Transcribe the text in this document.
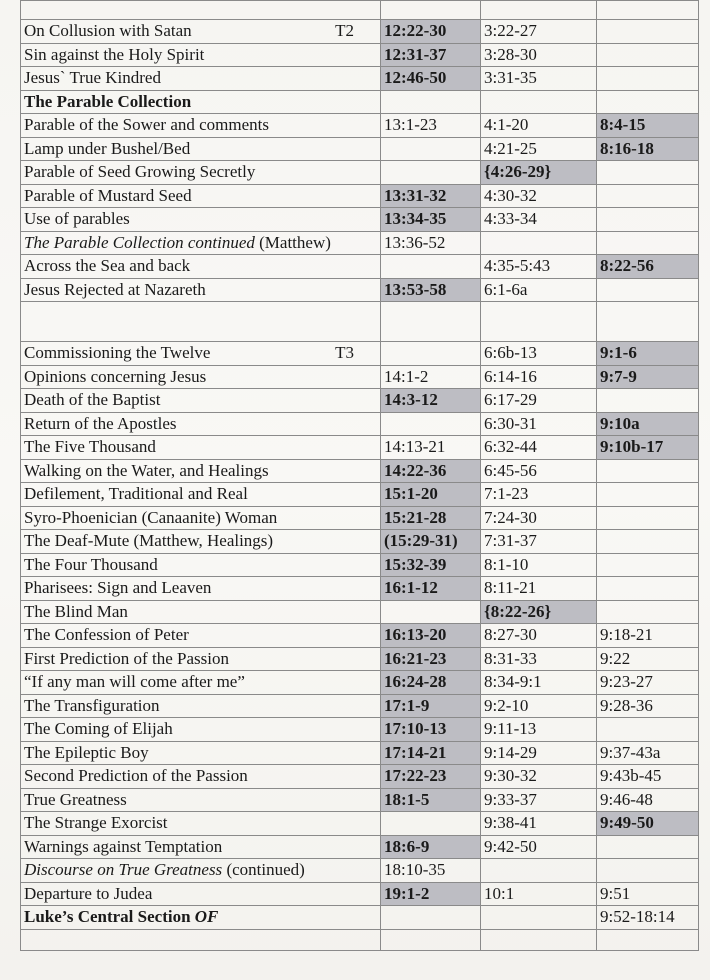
T2
On Collusion with Satan	12:22-30	3:22-27	
Sin against the Holy Spirit	12:31-37	3:28-30	
Jesus` True Kindred	12:46-50	3:31-35	
The Parable Collection			
Parable of the Sower and comments	13:1-23	4:1-20	8:4-15
Lamp under Bushel/Bed		4:21-25	8:16-18
Parable of Seed Growing Secretly		{4:26-29}	
Parable of Mustard Seed	13:31-32	4:30-32	
Use of parables	13:34-35	4:33-34	
The Parable Collection continued (Matthew)	13:36-52		
Across the Sea and back		4:35-5:43	8:22-56
Jesus Rejected at Nazareth	13:53-58	6:1-6a	

T3
Commissioning the Twelve		6:6b-13	9:1-6
Opinions concerning Jesus	14:1-2	6:14-16	9:7-9
Death of the Baptist	14:3-12	6:17-29	
Return of the Apostles		6:30-31	9:10a
The Five Thousand	14:13-21	6:32-44	9:10b-17
Walking on the Water, and Healings	14:22-36	6:45-56	
Defilement, Traditional and Real	15:1-20	7:1-23	
Syro-Phoenician (Canaanite) Woman	15:21-28	7:24-30	
The Deaf-Mute (Matthew, Healings)	(15:29-31)	7:31-37	
The Four Thousand	15:32-39	8:1-10	
Pharisees: Sign and Leaven	16:1-12	8:11-21	
The Blind Man		{8:22-26}	
The Confession of Peter	16:13-20	8:27-30	9:18-21
First Prediction of the Passion	16:21-23	8:31-33	9:22
“If any man will come after me”	16:24-28	8:34-9:1	9:23-27
The Transfiguration	17:1-9	9:2-10	9:28-36
The Coming of Elijah	17:10-13	9:11-13	
The Epileptic Boy	17:14-21	9:14-29	9:37-43a
Second Prediction of the Passion	17:22-23	9:30-32	9:43b-45
True Greatness	18:1-5	9:33-37	9:46-48
The Strange Exorcist		9:38-41	9:49-50
Warnings against Temptation	18:6-9	9:42-50	
Discourse on True Greatness (continued)	18:10-35		
Departure to Judea	19:1-2	10:1	9:51
Luke’s Central Section OF			9:52-18:14
